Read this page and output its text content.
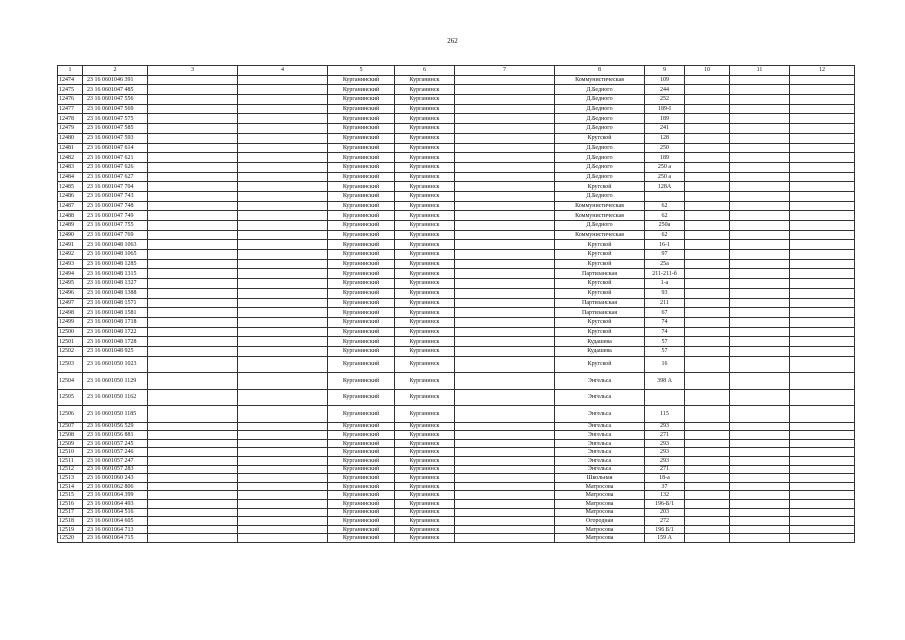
262
1	2	3	4	5	6	7	8	9	10	11	12
12474	23 16 0601046 391			Курганинский	Курганинск		Коммунистическая	109			
12475	23 16 0601047 485			Курганинский	Курганинск		Д.Бедного	244			
12476	23 16 0601047 556			Курганинский	Курганинск		Д.Бедного	252			
12477	23 16 0601047 569			Курганинский	Курганинск		Д.Бедного	189-I			
12478	23 16 0601047 575			Курганинский	Курганинск		Д.Бедного	189			
12479	23 16 0601047 585			Курганинский	Курганинск		Д.Бедного	241			
12480	23 16 0601047 593			Курганинский	Курганинск		Кругской	128			
12481	23 16 0601047 614			Курганинский	Курганинск		Д.Бедного	250			
12482	23 16 0601047 621			Курганинский	Курганинск		Д.Бедного	189			
12483	23 16 0601047 626			Курганинский	Курганинск		Д.Бедного	250 а			
12484	23 16 0601047 627			Курганинский	Курганинск		Д.Бедного	250 а			
12485	23 16 0601047 704			Курганинский	Курганинск		Кругской	128А			
12486	23 16 0601047 743			Курганинский	Курганинск		Д.Бедного				
12487	23 16 0601047 748			Курганинский	Курганинск		Коммунистическая	62			
12488	23 16 0601047 749			Курганинский	Курганинск		Коммунистическая	62			
12489	23 16 0601047 755			Курганинский	Курганинск		Д.Бедного	250а			
12490	23 16 0601047 769			Курганинский	Курганинск		Коммунистическая	62			
12491	23 16 0601048 1063			Курганинский	Курганинск		Кругской	16-1			
12492	23 16 0601048 1065			Курганинский	Курганинск		Кругской	97			
12493	23 16 0601048 1285			Курганинский	Курганинск		Кругской	25а			
12494	23 16 0601048 1315			Курганинский	Курганинск		Партизанская	211-211-б			
12495	23 16 0601048 1327			Курганинский	Курганинск		Кругской	1-а			
12496	23 16 0601048 1388			Курганинский	Курганинск		Кругской	93			
12497	23 16 0601048 1571			Курганинский	Курганинск		Партизанская	211			
12498	23 16 0601048 1581			Курганинский	Курганинск		Партизанская	67			
12499	23 16 0601048 1718			Курганинский	Курганинск		Кругской	74			
12500	23 16 0601048 1722			Курганинский	Курганинск		Кругской	74			
12501	23 16 0601048 1728			Курганинский	Курганинск		Кудашева	57			
12502	23 16 0601048 925			Курганинский	Курганинск		Кудашева	57			
12503	23 16 0601050 1023			Курганинский	Курганинск		Кругской	16			
12504	23 16 0601050 1129			Курганинский	Курганинск		Энгельса	398 А			
12505	23 16 0601050 1162			Курганинский	Курганинск		Энгельса				
12506	23 16 0601050 1185			Курганинский	Курганинск		Энгельса	115			
12507	23 16 0601056 529			Курганинский	Курганинск		Энгельса	293			
12508	23 16 0601056 881			Курганинский	Курганинск		Энгельса	271			
12509	23 16 0601057 245			Курганинский	Курганинск		Энгельса	293			
12510	23 16 0601057 246			Курганинский	Курганинск		Энгельса	293			
12511	23 16 0601057 247			Курганинский	Курганинск		Энгельса	293			
12512	23 16 0601057 283			Курганинский	Курганинск		Энгельса	271			
12513	23 16 0601060 243			Курганинский	Курганинск		Школьная	18-а			
12514	23 16 0601062 806			Курганинский	Курганинск		Матросова	37			
12515	23 16 0601064 399			Курганинский	Курганинск		Матросова	132			
12516	23 16 0601064 493			Курганинский	Курганинск		Матросова	196-Б/1			
12517	23 16 0601064 516			Курганинский	Курганинск		Матросова	203			
12518	23 16 0601064 605			Курганинский	Курганинск		Огородная	272			
12519	23 16 0601064 713			Курганинский	Курганинск		Матросова	196 Б/1			
12520	23 16 0601064 715			Курганинский	Курганинск		Матросова	159 А			
